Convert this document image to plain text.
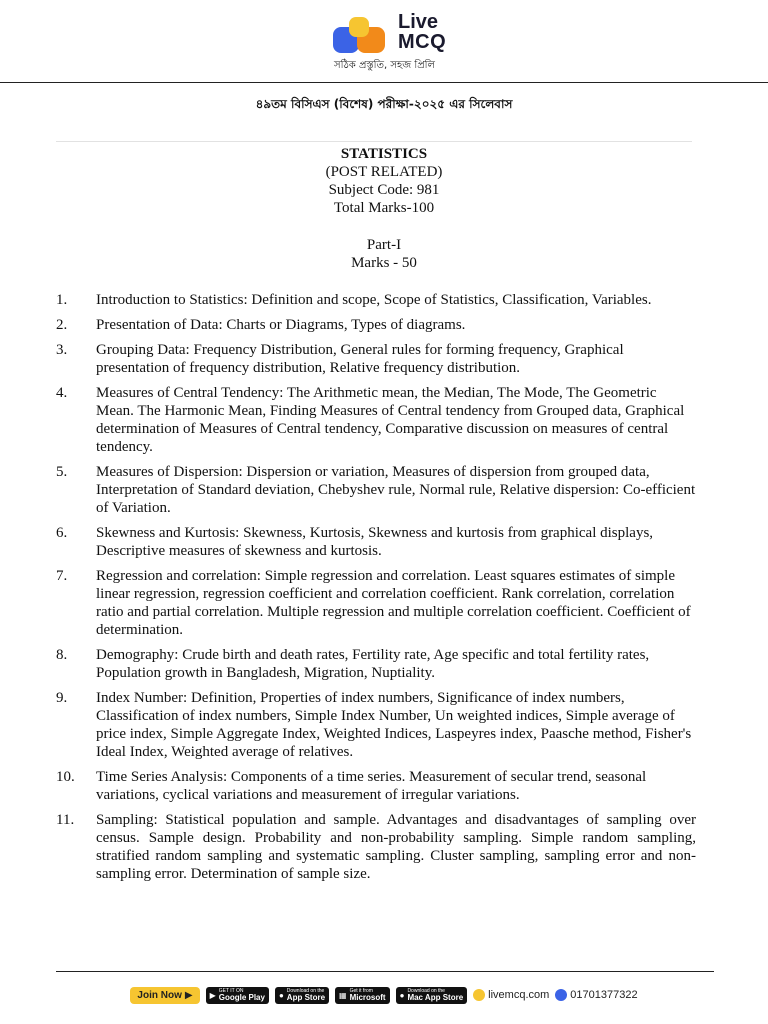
Live
MCQ
সঠিক প্রস্তুতি, সহজ প্রিলি
৪৯তম বিসিএস (বিশেষ) পরীক্ষা-২০২৫ এর সিলেবাস
STATISTICS
(POST RELATED)
Subject Code: 981
Total Marks-100
Part-I
Marks - 50
1. Introduction to Statistics: Definition and scope, Scope of Statistics, Classification, Variables.
2. Presentation of Data: Charts or Diagrams, Types of diagrams.
3. Grouping Data: Frequency Distribution, General rules for forming frequency, Graphical presentation of frequency distribution, Relative frequency distribution.
4. Measures of Central Tendency: The Arithmetic mean, the Median, The Mode, The Geometric Mean. The Harmonic Mean, Finding Measures of Central tendency from Grouped data, Graphical determination of Measures of Central tendency, Comparative discussion on measures of central tendency.
5. Measures of Dispersion: Dispersion or variation, Measures of dispersion from grouped data, Interpretation of Standard deviation, Chebyshev rule, Normal rule, Relative dispersion: Co-efficient of Variation.
6. Skewness and Kurtosis: Skewness, Kurtosis, Skewness and kurtosis from graphical displays, Descriptive measures of skewness and kurtosis.
7. Regression and correlation: Simple regression and correlation. Least squares estimates of simple linear regression, regression coefficient and correlation coefficient. Rank correlation, correlation ratio and partial correlation. Multiple regression and multiple correlation coefficient. Coefficient of determination.
8. Demography: Crude birth and death rates, Fertility rate, Age specific and total fertility rates, Population growth in Bangladesh, Migration, Nuptiality.
9. Index Number: Definition, Properties of index numbers, Significance of index numbers, Classification of index numbers, Simple Index Number, Un weighted indices, Simple average of price index, Simple Aggregate Index, Weighted Indices, Laspeyres index, Paasche method, Fisher's Ideal Index, Weighted average of relatives.
10. Time Series Analysis: Components of a time series. Measurement of secular trend, seasonal variations, cyclical variations and measurement of irregular variations.
11. Sampling: Statistical population and sample. Advantages and disadvantages of sampling over census. Sample design. Probability and non-probability sampling. Simple random sampling, stratified random sampling and systematic sampling. Cluster sampling, sampling error and non-sampling error. Determination of sample size.
Join Now ▶ ▶ GET IT ON
Google Play ● Download on the
App Store ▦ Get it from
Microsoft ● Download on the
Mac App Store livemcq.com 01701377322
